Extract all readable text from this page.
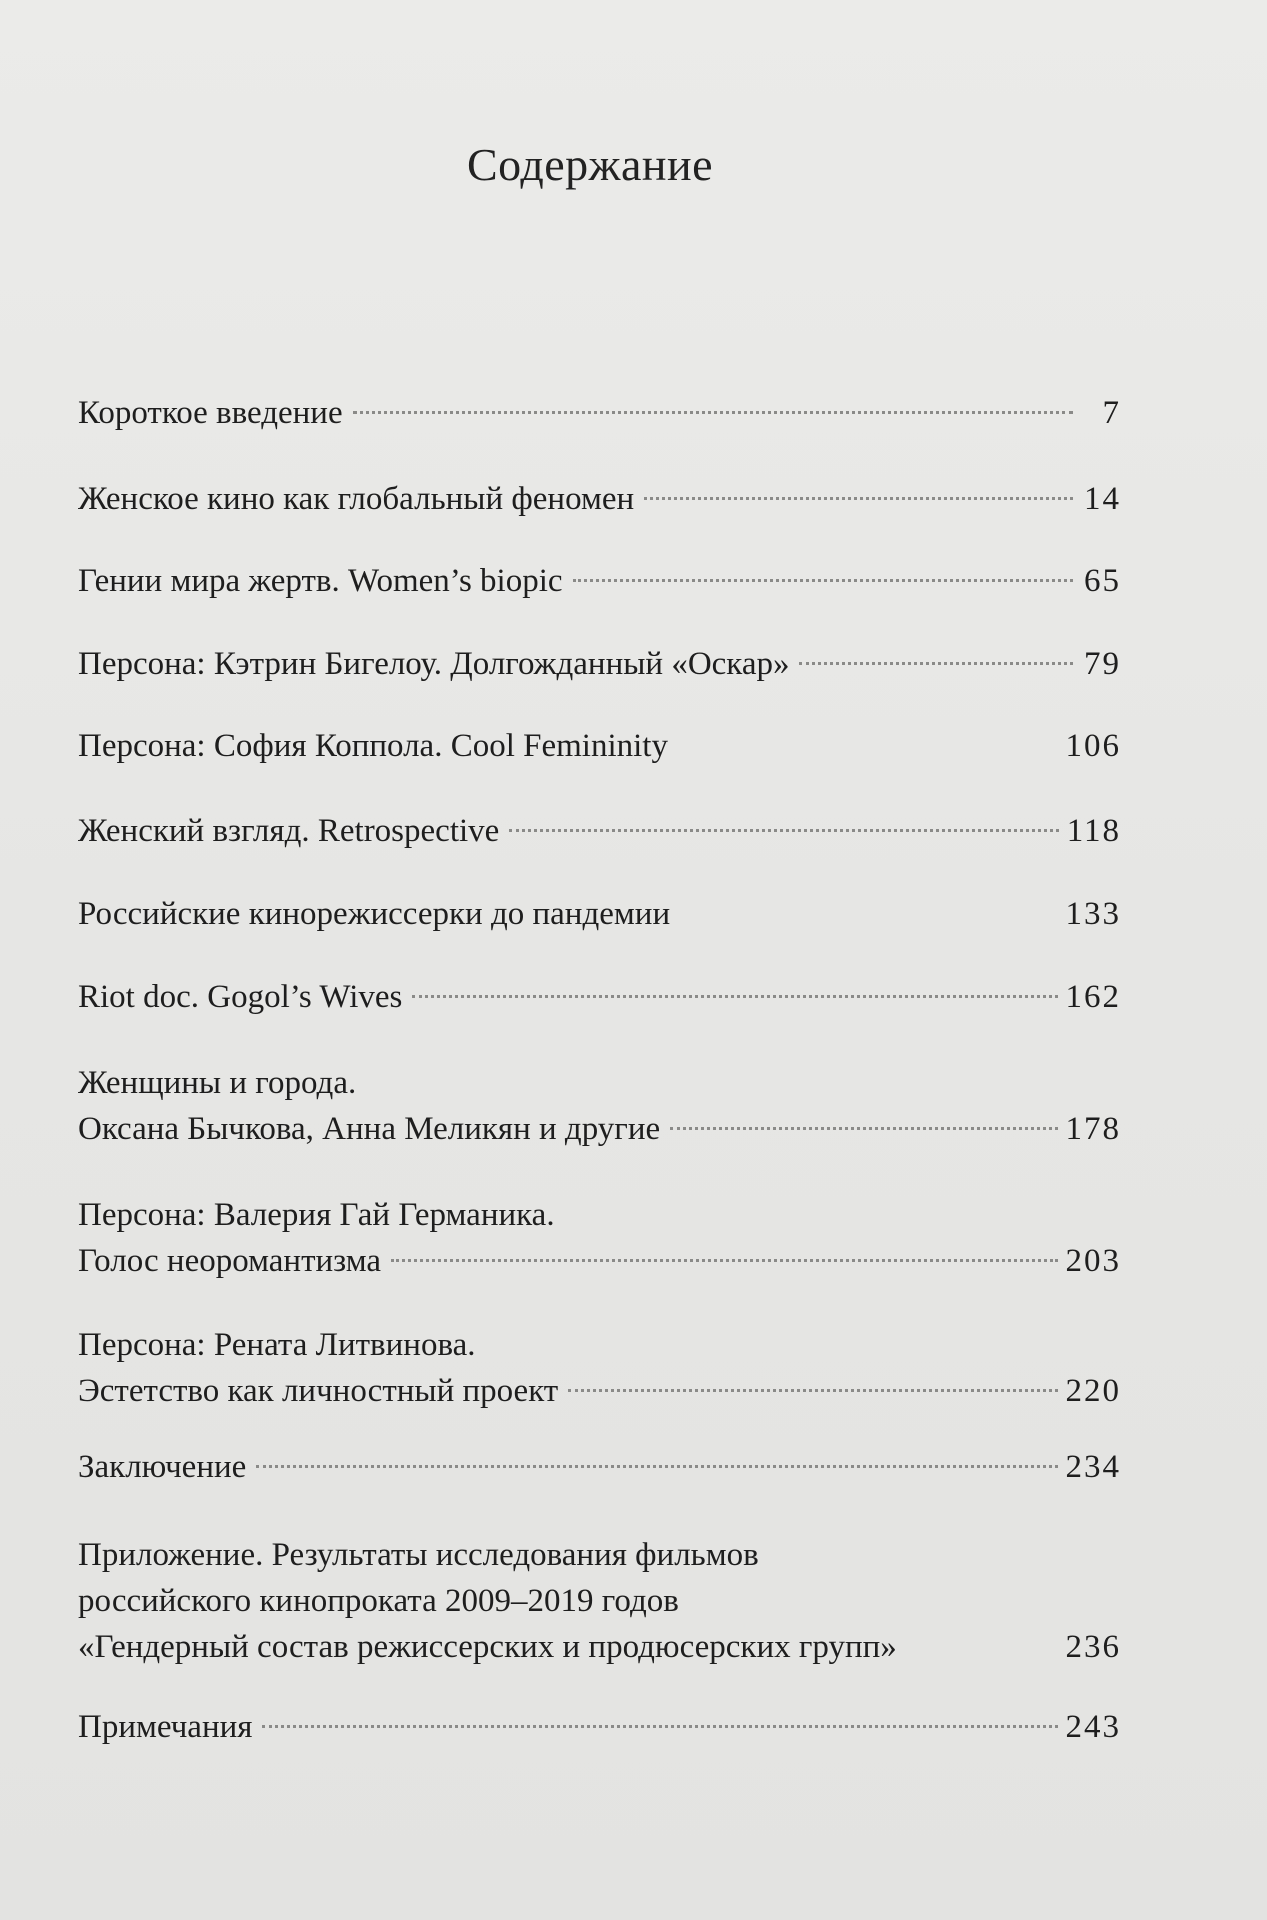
Содержание
Короткое введение	7
Женское кино как глобальный феномен	14
Гении мира жертв. Women’s biopic	65
Персона: Кэтрин Бигелоу. Долгожданный «Оскар»	79
Персона: София Коппола. Cool Femininity	106
Женский взгляд. Retrospective	118
Российские кинорежиссерки до пандемии	133
Riot doc. Gogol’s Wives	162
Женщины и города.
Оксана Бычкова, Анна Меликян и другие	178
Персона: Валерия Гай Германика.
Голос неоромантизма	203
Персона: Рената Литвинова.
Эстетство как личностный проект	220
Заключение	234
Приложение. Результаты исследования фильмов
российского кинопроката 2009–2019 годов
«Гендерный состав режиссерских и продюсерских групп»	236
Примечания	243
